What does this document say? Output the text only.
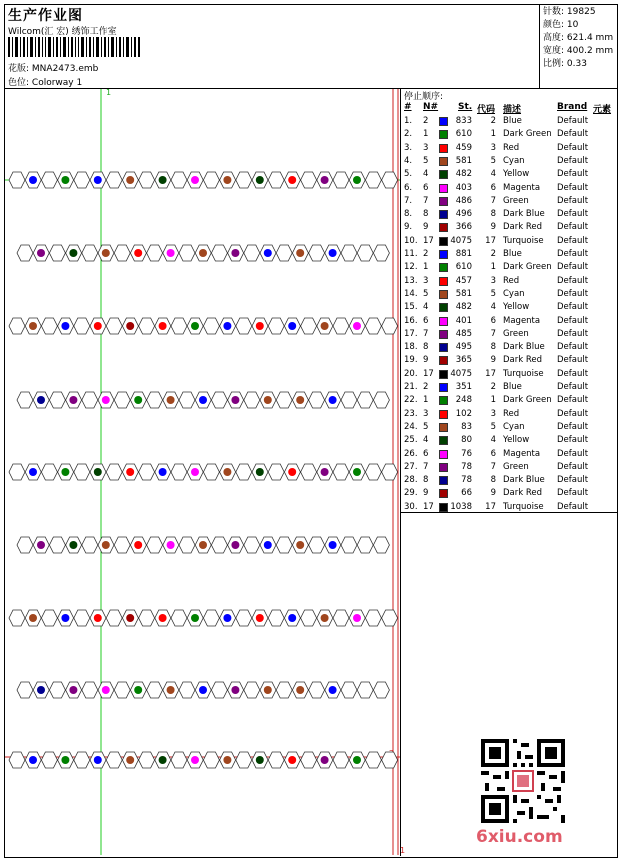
生产作业图
Wilcom(汇 宏) 绣饰工作室
花版: MNA2473.emb
色位: Colorway 1
针数: 19825
颜色: 10
高度: 621.4 mm
宽度: 400.2 mm
比例: 0.33
1
1
停止顺序:
# N# St. 代码 描述	Brand 元素
1. 2	833 2 Blue	Default
2. 1	610 1 Dark Green Default
3. 3	459 3 Red	Default
4. 5	581 5 Cyan	Default
5. 4	482 4 Yellow	Default
6. 6	403 6 Magenta Default
7. 7	486 7 Green	Default
8. 8	496 8 Dark Blue Default
9. 9	366 9 Dark Red Default
10. 17 4075 17 Turquoise Default
11. 2	881 2 Blue	Default
12. 1	610 1 Dark Green Default
13. 3	457 3 Red	Default
14. 5	581 5 Cyan	Default
15. 4	482 4 Yellow	Default
16. 6	401 6 Magenta Default
17. 7	485 7 Green	Default
18. 8	495 8 Dark Blue Default
19. 9	365 9 Dark Red Default
20. 17 4075 17 Turquoise Default
21. 2	351 2 Blue	Default
22. 1	248 1 Dark Green Default
23. 3	102 3 Red	Default
24. 5	83 5 Cyan	Default
25. 4	80 4 Yellow	Default
26. 6	76 6 Magenta Default
27. 7	78 7 Green	Default
28. 8	78 8 Dark Blue Default
29. 9	66 9 Dark Red Default
30. 17 1038 17 Turquoise Default
6xiu.com
